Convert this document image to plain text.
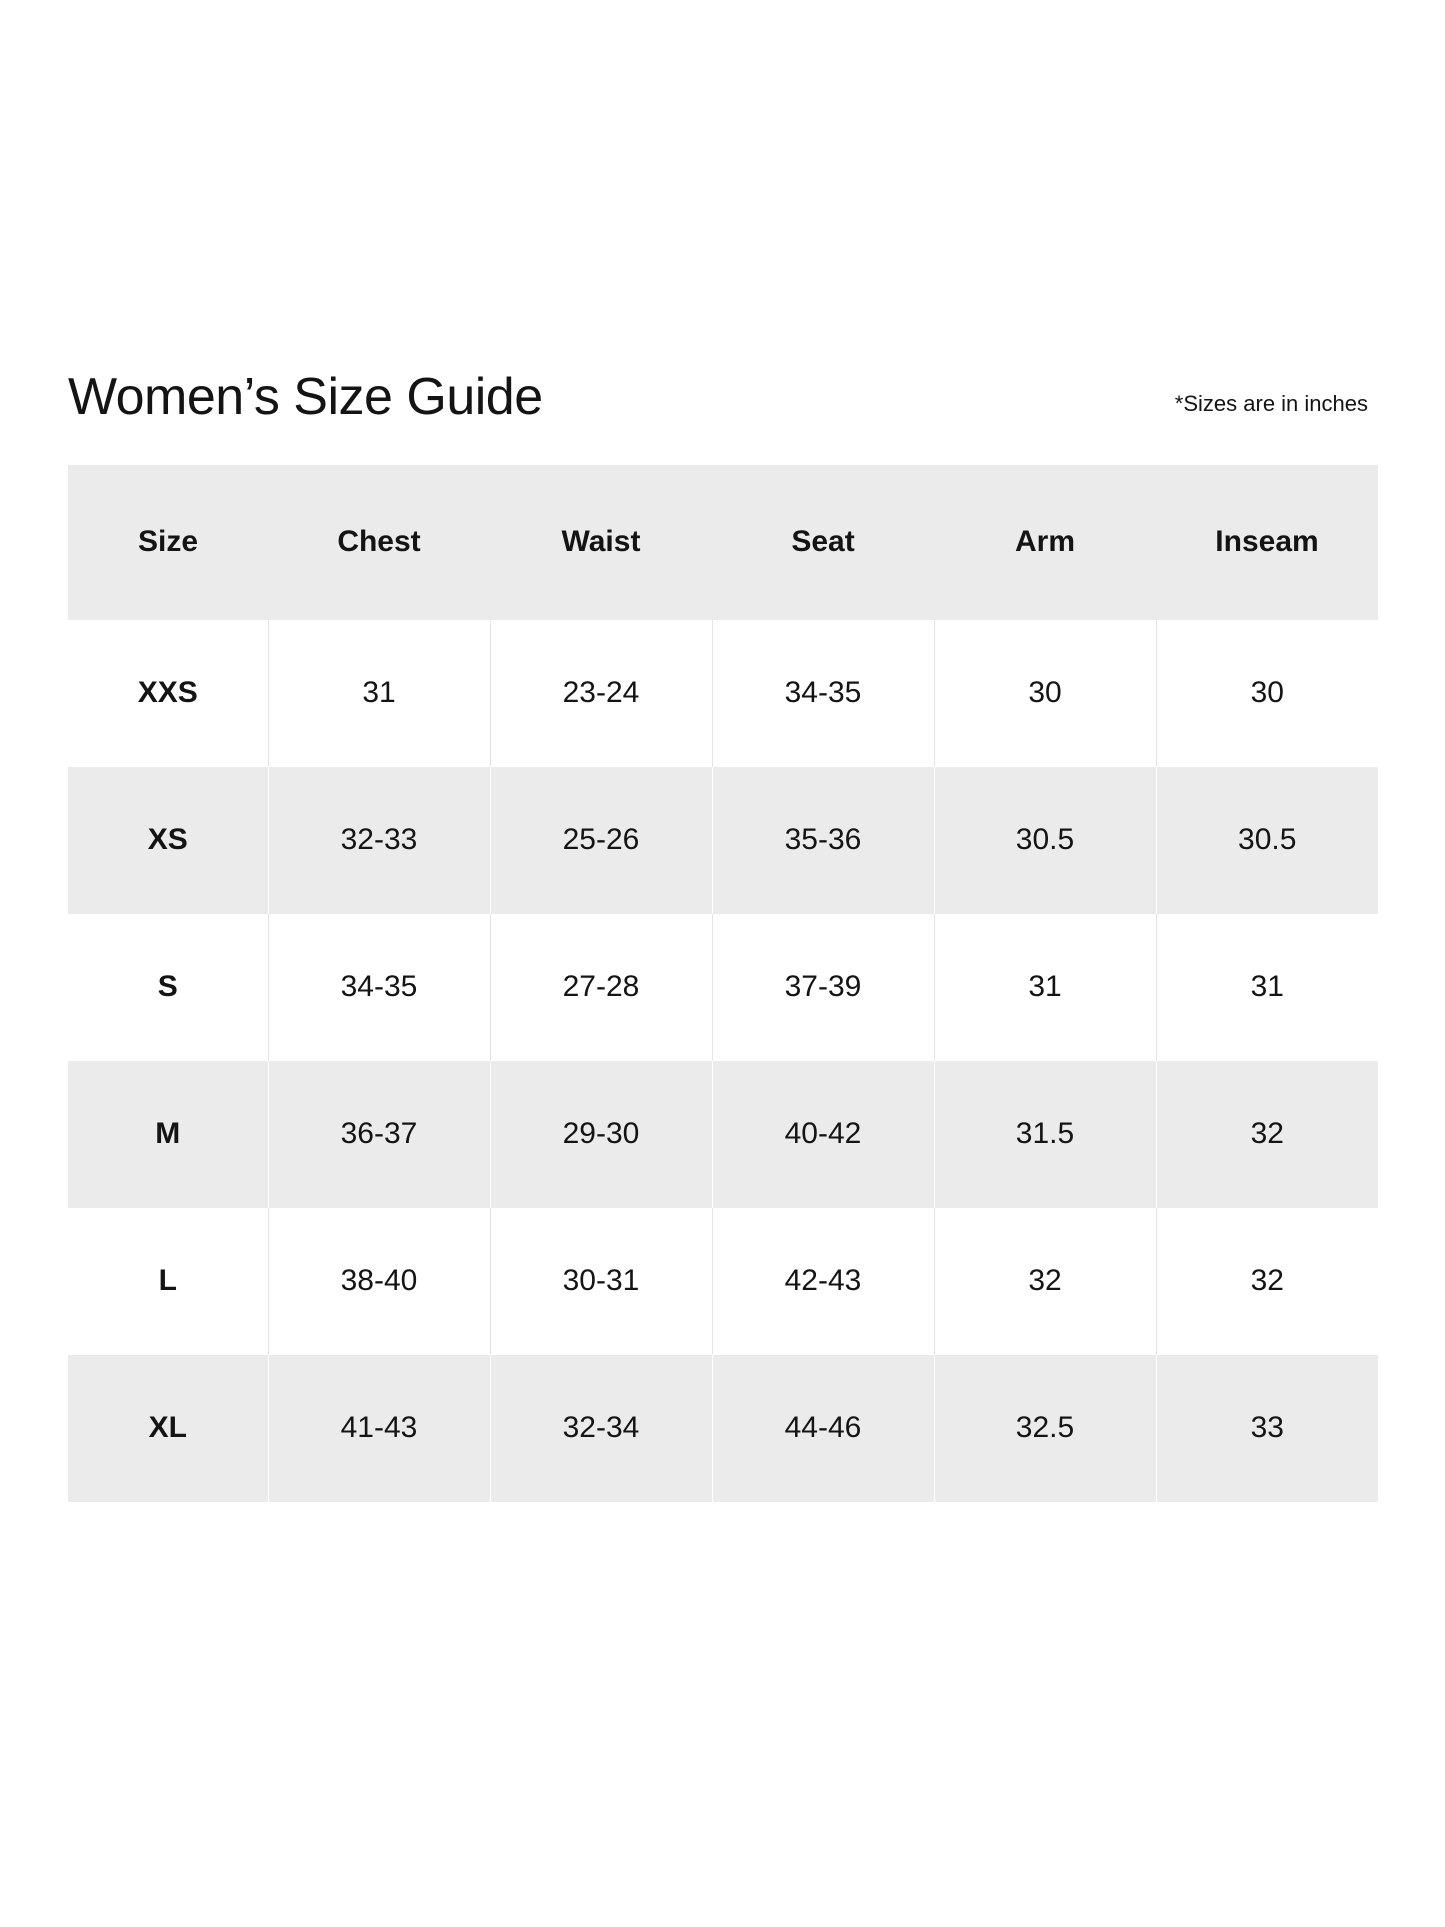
Women’s Size Guide	*Sizes are in inches
Size	Chest	Waist	Seat	Arm	Inseam
XXS	31	23-24	34-35	30	30
XS	32-33	25-26	35-36	30.5	30.5
S	34-35	27-28	37-39	31	31
M	36-37	29-30	40-42	31.5	32
L	38-40	30-31	42-43	32	32
XL	41-43	32-34	44-46	32.5	33
